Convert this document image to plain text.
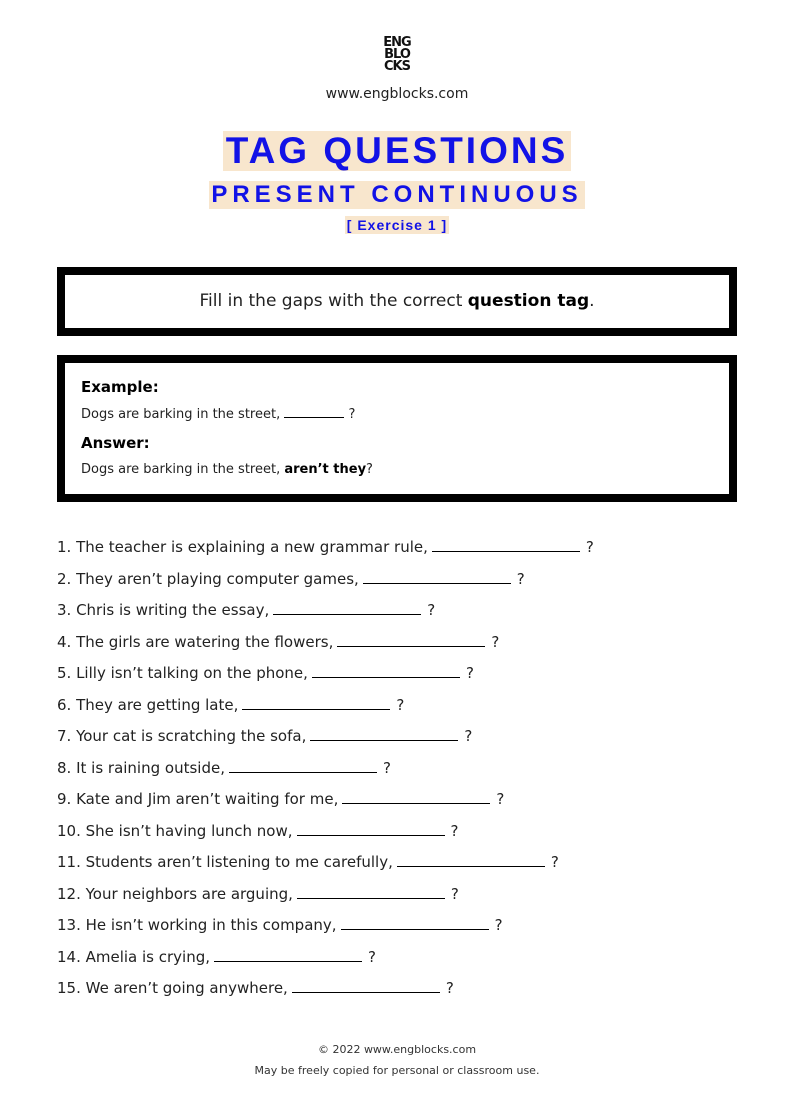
ENG
BLO
CKS
www.engblocks.com
TAG QUESTIONS
PRESENT CONTINUOUS
[ Exercise 1 ]
Fill in the gaps with the correct question tag.
Example:
Dogs are barking in the street,	?
Answer:
Dogs are barking in the street, aren’t they?
1. The teacher is explaining a new grammar rule,	?
2. They aren’t playing computer games,	?
3. Chris is writing the essay,	?
4. The girls are watering the flowers,	?
5. Lilly isn’t talking on the phone,	?
6. They are getting late,	?
7. Your cat is scratching the sofa,	?
8. It is raining outside,	?
9. Kate and Jim aren’t waiting for me,	?
10. She isn’t having lunch now,	?
11. Students aren’t listening to me carefully,	?
12. Your neighbors are arguing,	?
13. He isn’t working in this company,	?
14. Amelia is crying,	?
15. We aren’t going anywhere,	?
© 2022 www.engblocks.com
May be freely copied for personal or classroom use.
